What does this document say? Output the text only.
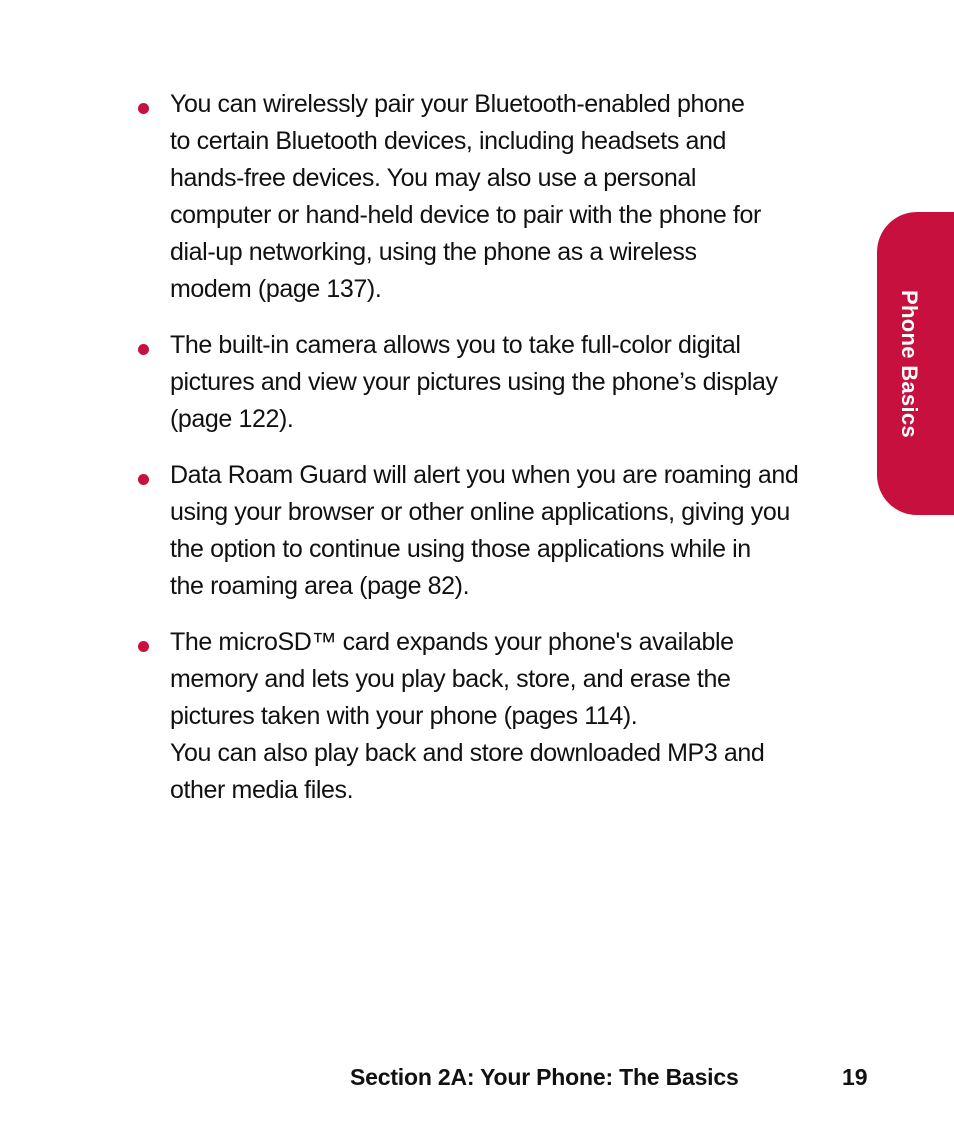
You can wirelessly pair your Bluetooth-enabled phone
to certain Bluetooth devices, including headsets and
hands-free devices. You may also use a personal
computer or hand-held device to pair with the phone for
dial-up networking, using the phone as a wireless
modem (page 137).
The built-in camera allows you to take full-color digital
pictures and view your pictures using the phone’s display
(page 122).
Data Roam Guard will alert you when you are roaming and
using your browser or other online applications, giving you
the option to continue using those applications while in
the roaming area (page 82).
The microSD™ card expands your phone's available
memory and lets you play back, store, and erase the
pictures taken with your phone (pages 114).
You can also play back and store downloaded MP3 and
other media files.
Phone Basics
Section 2A: Your Phone: The Basics	19
